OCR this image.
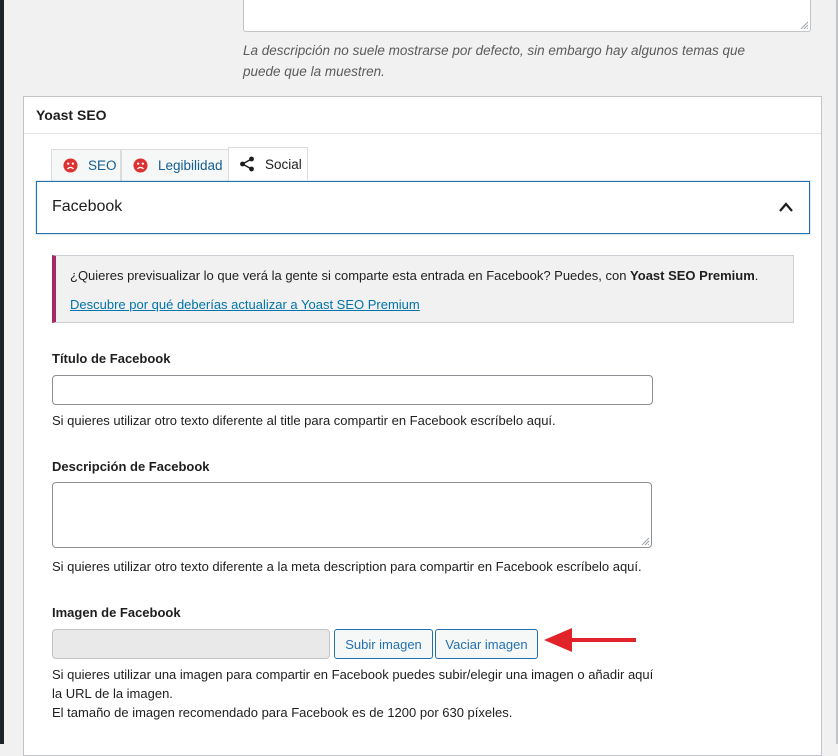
La descripción no suele mostrarse por defecto, sin embargo hay algunos temas que puede que la muestren.
Yoast SEO
SEO	Legibilidad	Social
Facebook
¿Quieres previsualizar lo que verá la gente si comparte esta entrada en Facebook? Puedes, con Yoast SEO Premium.
Descubre por qué deberías actualizar a Yoast SEO Premium
Título de Facebook
Si quieres utilizar otro texto diferente al title para compartir en Facebook escríbelo aquí.
Descripción de Facebook
Si quieres utilizar otro texto diferente a la meta description para compartir en Facebook escríbelo aquí.
Imagen de Facebook
Subir imagen	Vaciar imagen
Si quieres utilizar una imagen para compartir en Facebook puedes subir/elegir una imagen o añadir aquí
la URL de la imagen.
El tamaño de imagen recomendado para Facebook es de 1200 por 630 píxeles.
